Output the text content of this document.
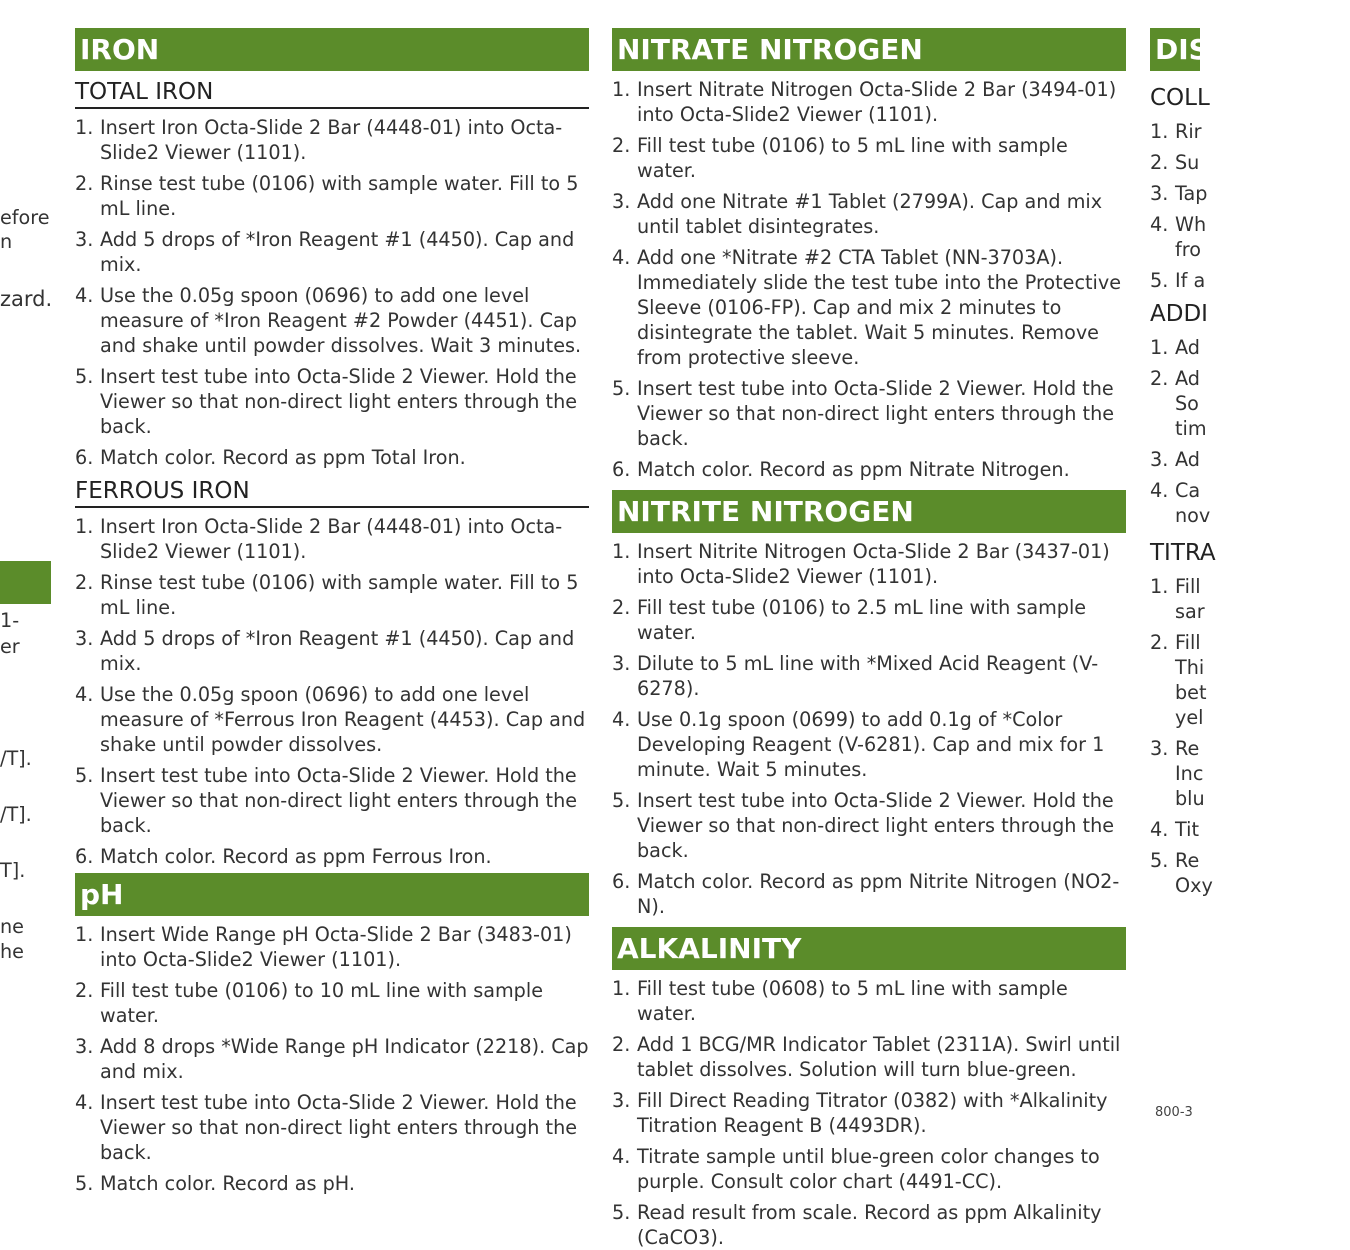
efore
n
zard.
1-
er
/T].
/T].
T].
ne
he
IRON
TOTAL IRON
1. Insert Iron Octa-Slide 2 Bar (4448-01) into Octa-Slide2 Viewer (1101).
2. Rinse test tube (0106) with sample water. Fill to 5 mL line.
3. Add 5 drops of *Iron Reagent #1 (4450). Cap and mix.
4. Use the 0.05g spoon (0696) to add one level measure of *Iron Reagent #2 Powder (4451). Cap and shake until powder dissolves. Wait 3 minutes.
5. Insert test tube into Octa-Slide 2 Viewer. Hold the Viewer so that non-direct light enters through the back.
6. Match color. Record as ppm Total Iron.
FERROUS IRON
1. Insert Iron Octa-Slide 2 Bar (4448-01) into Octa-Slide2 Viewer (1101).
2. Rinse test tube (0106) with sample water. Fill to 5 mL line.
3. Add 5 drops of *Iron Reagent #1 (4450). Cap and mix.
4. Use the 0.05g spoon (0696) to add one level measure of *Ferrous Iron Reagent (4453). Cap and shake until powder dissolves.
5. Insert test tube into Octa-Slide 2 Viewer. Hold the Viewer so that non-direct light enters through the back.
6. Match color. Record as ppm Ferrous Iron.
pH
1. Insert Wide Range pH Octa-Slide 2 Bar (3483-01) into Octa-Slide2 Viewer (1101).
2. Fill test tube (0106) to 10 mL line with sample water.
3. Add 8 drops *Wide Range pH Indicator (2218). Cap and mix.
4. Insert test tube into Octa-Slide 2 Viewer. Hold the Viewer so that non-direct light enters through the back.
5. Match color. Record as pH.
NITRATE NITROGEN
1. Insert Nitrate Nitrogen Octa-Slide 2 Bar (3494-01) into Octa-Slide2 Viewer (1101).
2. Fill test tube (0106) to 5 mL line with sample water.
3. Add one Nitrate #1 Tablet (2799A). Cap and mix until tablet disintegrates.
4. Add one *Nitrate #2 CTA Tablet (NN-3703A). Immediately slide the test tube into the Protective Sleeve (0106-FP). Cap and mix 2 minutes to disintegrate the tablet. Wait 5 minutes. Remove from protective sleeve.
5. Insert test tube into Octa-Slide 2 Viewer. Hold the Viewer so that non-direct light enters through the back.
6. Match color. Record as ppm Nitrate Nitrogen.
NITRITE NITROGEN
1. Insert Nitrite Nitrogen Octa-Slide 2 Bar (3437-01) into Octa-Slide2 Viewer (1101).
2. Fill test tube (0106) to 2.5 mL line with sample water.
3. Dilute to 5 mL line with *Mixed Acid Reagent (V-6278).
4. Use 0.1g spoon (0699) to add 0.1g of *Color Developing Reagent (V-6281). Cap and mix for 1 minute. Wait 5 minutes.
5. Insert test tube into Octa-Slide 2 Viewer. Hold the Viewer so that non-direct light enters through the back.
6. Match color. Record as ppm Nitrite Nitrogen (NO2-N).
ALKALINITY
1. Fill test tube (0608) to 5 mL line with sample water.
2. Add 1 BCG/MR Indicator Tablet (2311A). Swirl until tablet dissolves. Solution will turn blue-green.
3. Fill Direct Reading Titrator (0382) with *Alkalinity Titration Reagent B (4493DR).
4. Titrate sample until blue-green color changes to purple. Consult color chart (4491-CC).
5. Read result from scale. Record as ppm Alkalinity (CaCO3).
DIS
COLL
1. Rir
2. Su
3. Tap
4. Wh
fro
5. If a
ADDI
1. Ad
2. Ad
So
tim
3. Ad
4. Ca
nov
TITRA
1. Fill
sar
2. Fill
Thi
bet
yel
3. Re
Inc
blu
4. Tit
5. Re
Oxy
800-3
